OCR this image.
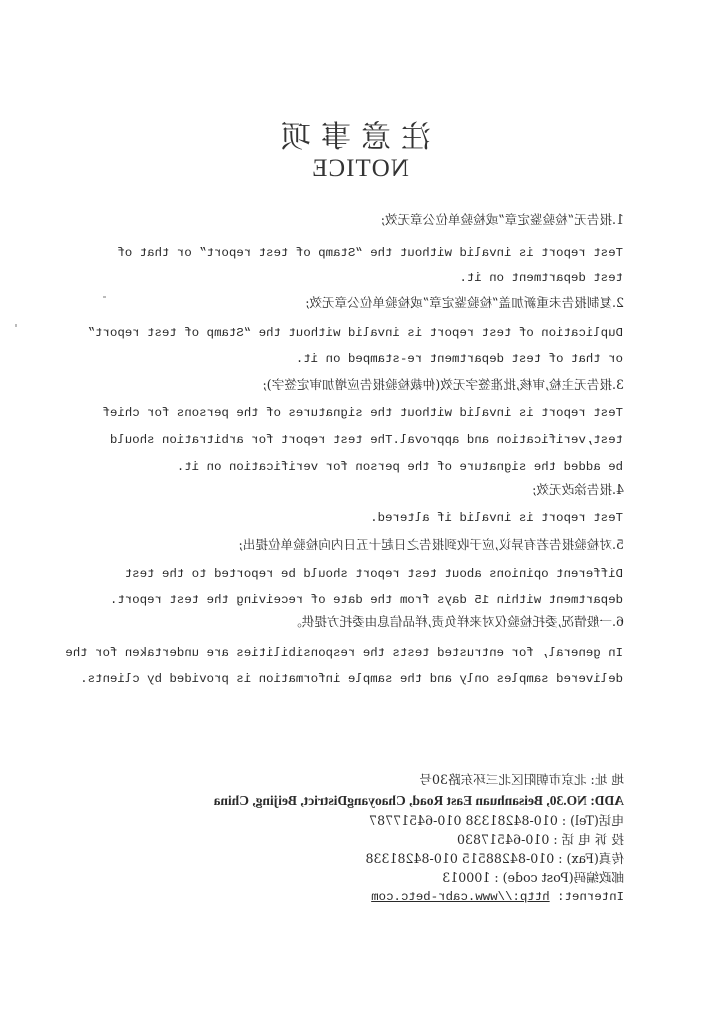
注意事项
NOTICE
1.报告无“检验鉴定章”或检验单位公章无效;
Test report is invalid without the “Stamp of test report” or that of
test department on it.
2.复制报告未重新加盖“检验鉴定章”或检验单位公章无效;
Duplication of test report is invalid without the “Stamp of test report”
or that of test department re-stamped on it.
3.报告无主检,审核,批准签字无效(仲裁检验报告应增加审定签字);
Test report is invalid without the signatures of the persons for chief
test,verification and approval.The test report for arbitration should
be added the signature of the person for verification on it.
4.报告涂改无效;
Test report is invalid if altered.
5.对检验报告若有异议,应于收到报告之日起十五日内向检验单位提出;
Different opinions about test report should be reported to the test
department within 15 days from the date of receiving the test report.
6.一般情况,委托检验仅对来样负责,样品信息由委托方提供。
In general, for entrusted tests the responsibilities are undertaken for the
delivered samples only and the sample information is provided by clients.
地 址: 北京市朝阳区北三环东路30号
ADD: NO.30, Beisanhuan East Road, ChaoyangDistrict, Beijing, China
电话(Tel) : 010-84281338 010-64517787
投 诉 电 话 : 010-64517830
传真(Fax) : 010-84288515 010-84281338
邮政编码(Post code) : 100013
Internet: http://www.cabr-betc.com
